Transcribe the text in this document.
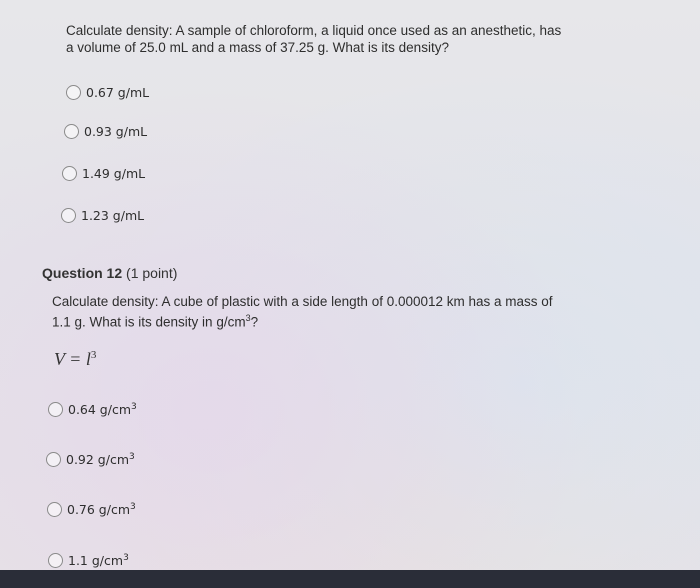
Calculate density: A sample of chloroform, a liquid once used as an anesthetic, has
a volume of 25.0 mL and a mass of 37.25 g. What is its density?
0.67 g/mL
0.93 g/mL
1.49 g/mL
1.23 g/mL
Question 12 (1 point)
Calculate density: A cube of plastic with a side length of 0.000012 km has a mass of
1.1 g. What is its density in $g/cm^3$?
$V = l^3$
0.64 $g/cm^3$
0.92 $g/cm^3$
0.76 $g/cm^3$
1.1 $g/cm^3$
